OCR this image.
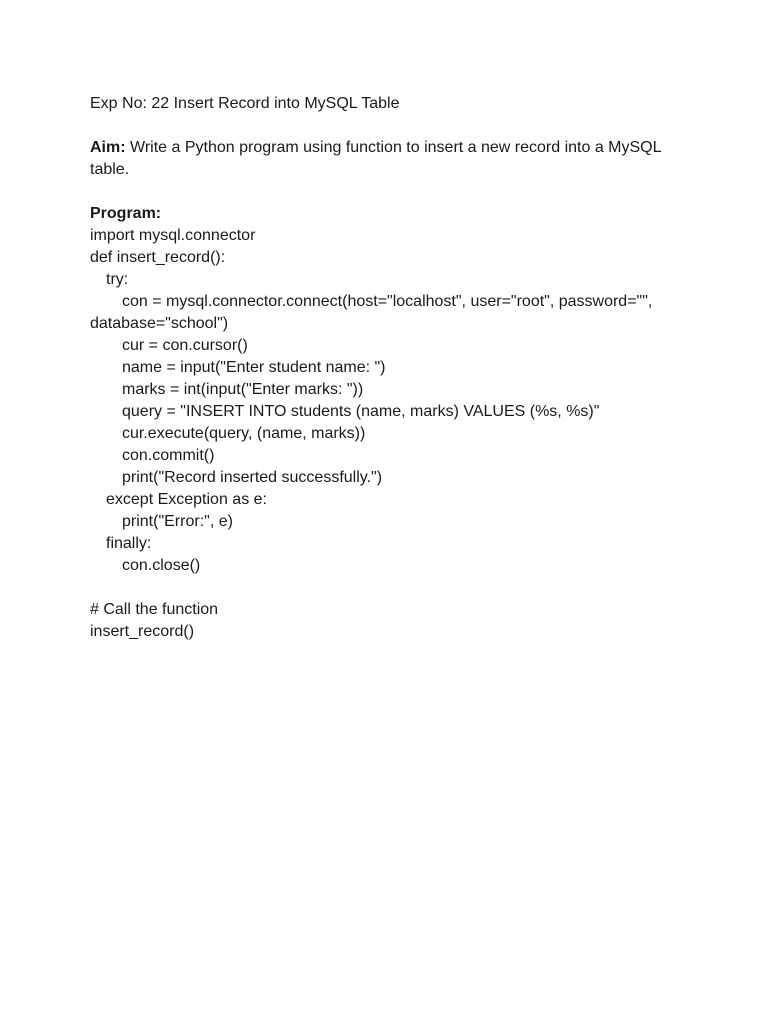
Exp No: 22 Insert Record into MySQL Table
Aim: Write a Python program using function to insert a new record into a MySQL
table.
Program:
import mysql.connector
def insert_record():
try:
con = mysql.connector.connect(host="localhost", user="root", password="",
database="school")
cur = con.cursor()
name = input("Enter student name: ")
marks = int(input("Enter marks: "))
query = "INSERT INTO students (name, marks) VALUES (%s, %s)"
cur.execute(query, (name, marks))
con.commit()
print("Record inserted successfully.")
except Exception as e:
print("Error:", e)
finally:
con.close()
# Call the function
insert_record()
